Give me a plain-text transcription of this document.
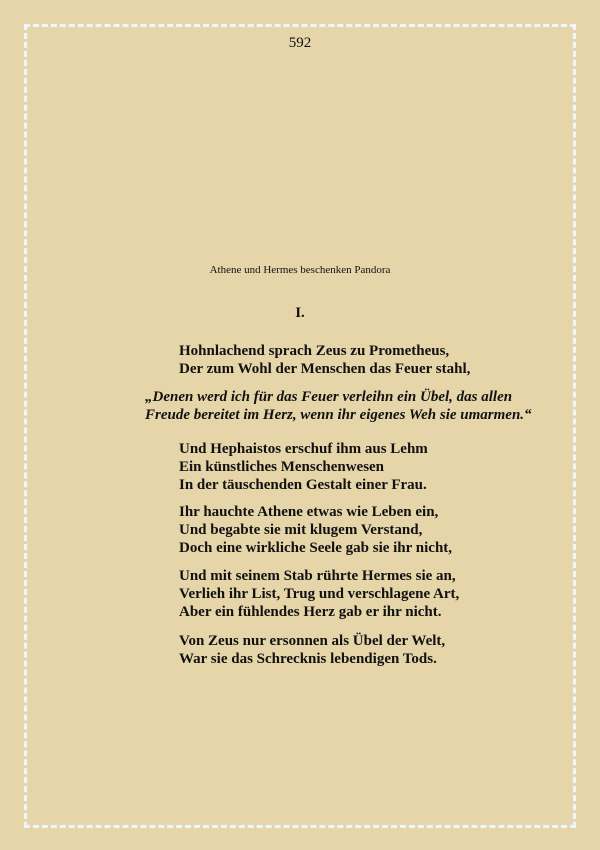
592
Athene und Hermes beschenken Pandora
I.
Hohnlachend sprach Zeus zu Prometheus,
Der zum Wohl der Menschen das Feuer stahl,
„Denen werd ich für das Feuer verleihn ein Übel, das allen
Freude bereitet im Herz, wenn ihr eigenes Weh sie umarmen.“
Und Hephaistos erschuf ihm aus Lehm
Ein künstliches Menschenwesen
In der täuschenden Gestalt einer Frau.
Ihr hauchte Athene etwas wie Leben ein,
Und begabte sie mit klugem Verstand,
Doch eine wirkliche Seele gab sie ihr nicht,
Und mit seinem Stab rührte Hermes sie an,
Verlieh ihr List, Trug und verschlagene Art,
Aber ein fühlendes Herz gab er ihr nicht.
Von Zeus nur ersonnen als Übel der Welt,
War sie das Schrecknis lebendigen Tods.
